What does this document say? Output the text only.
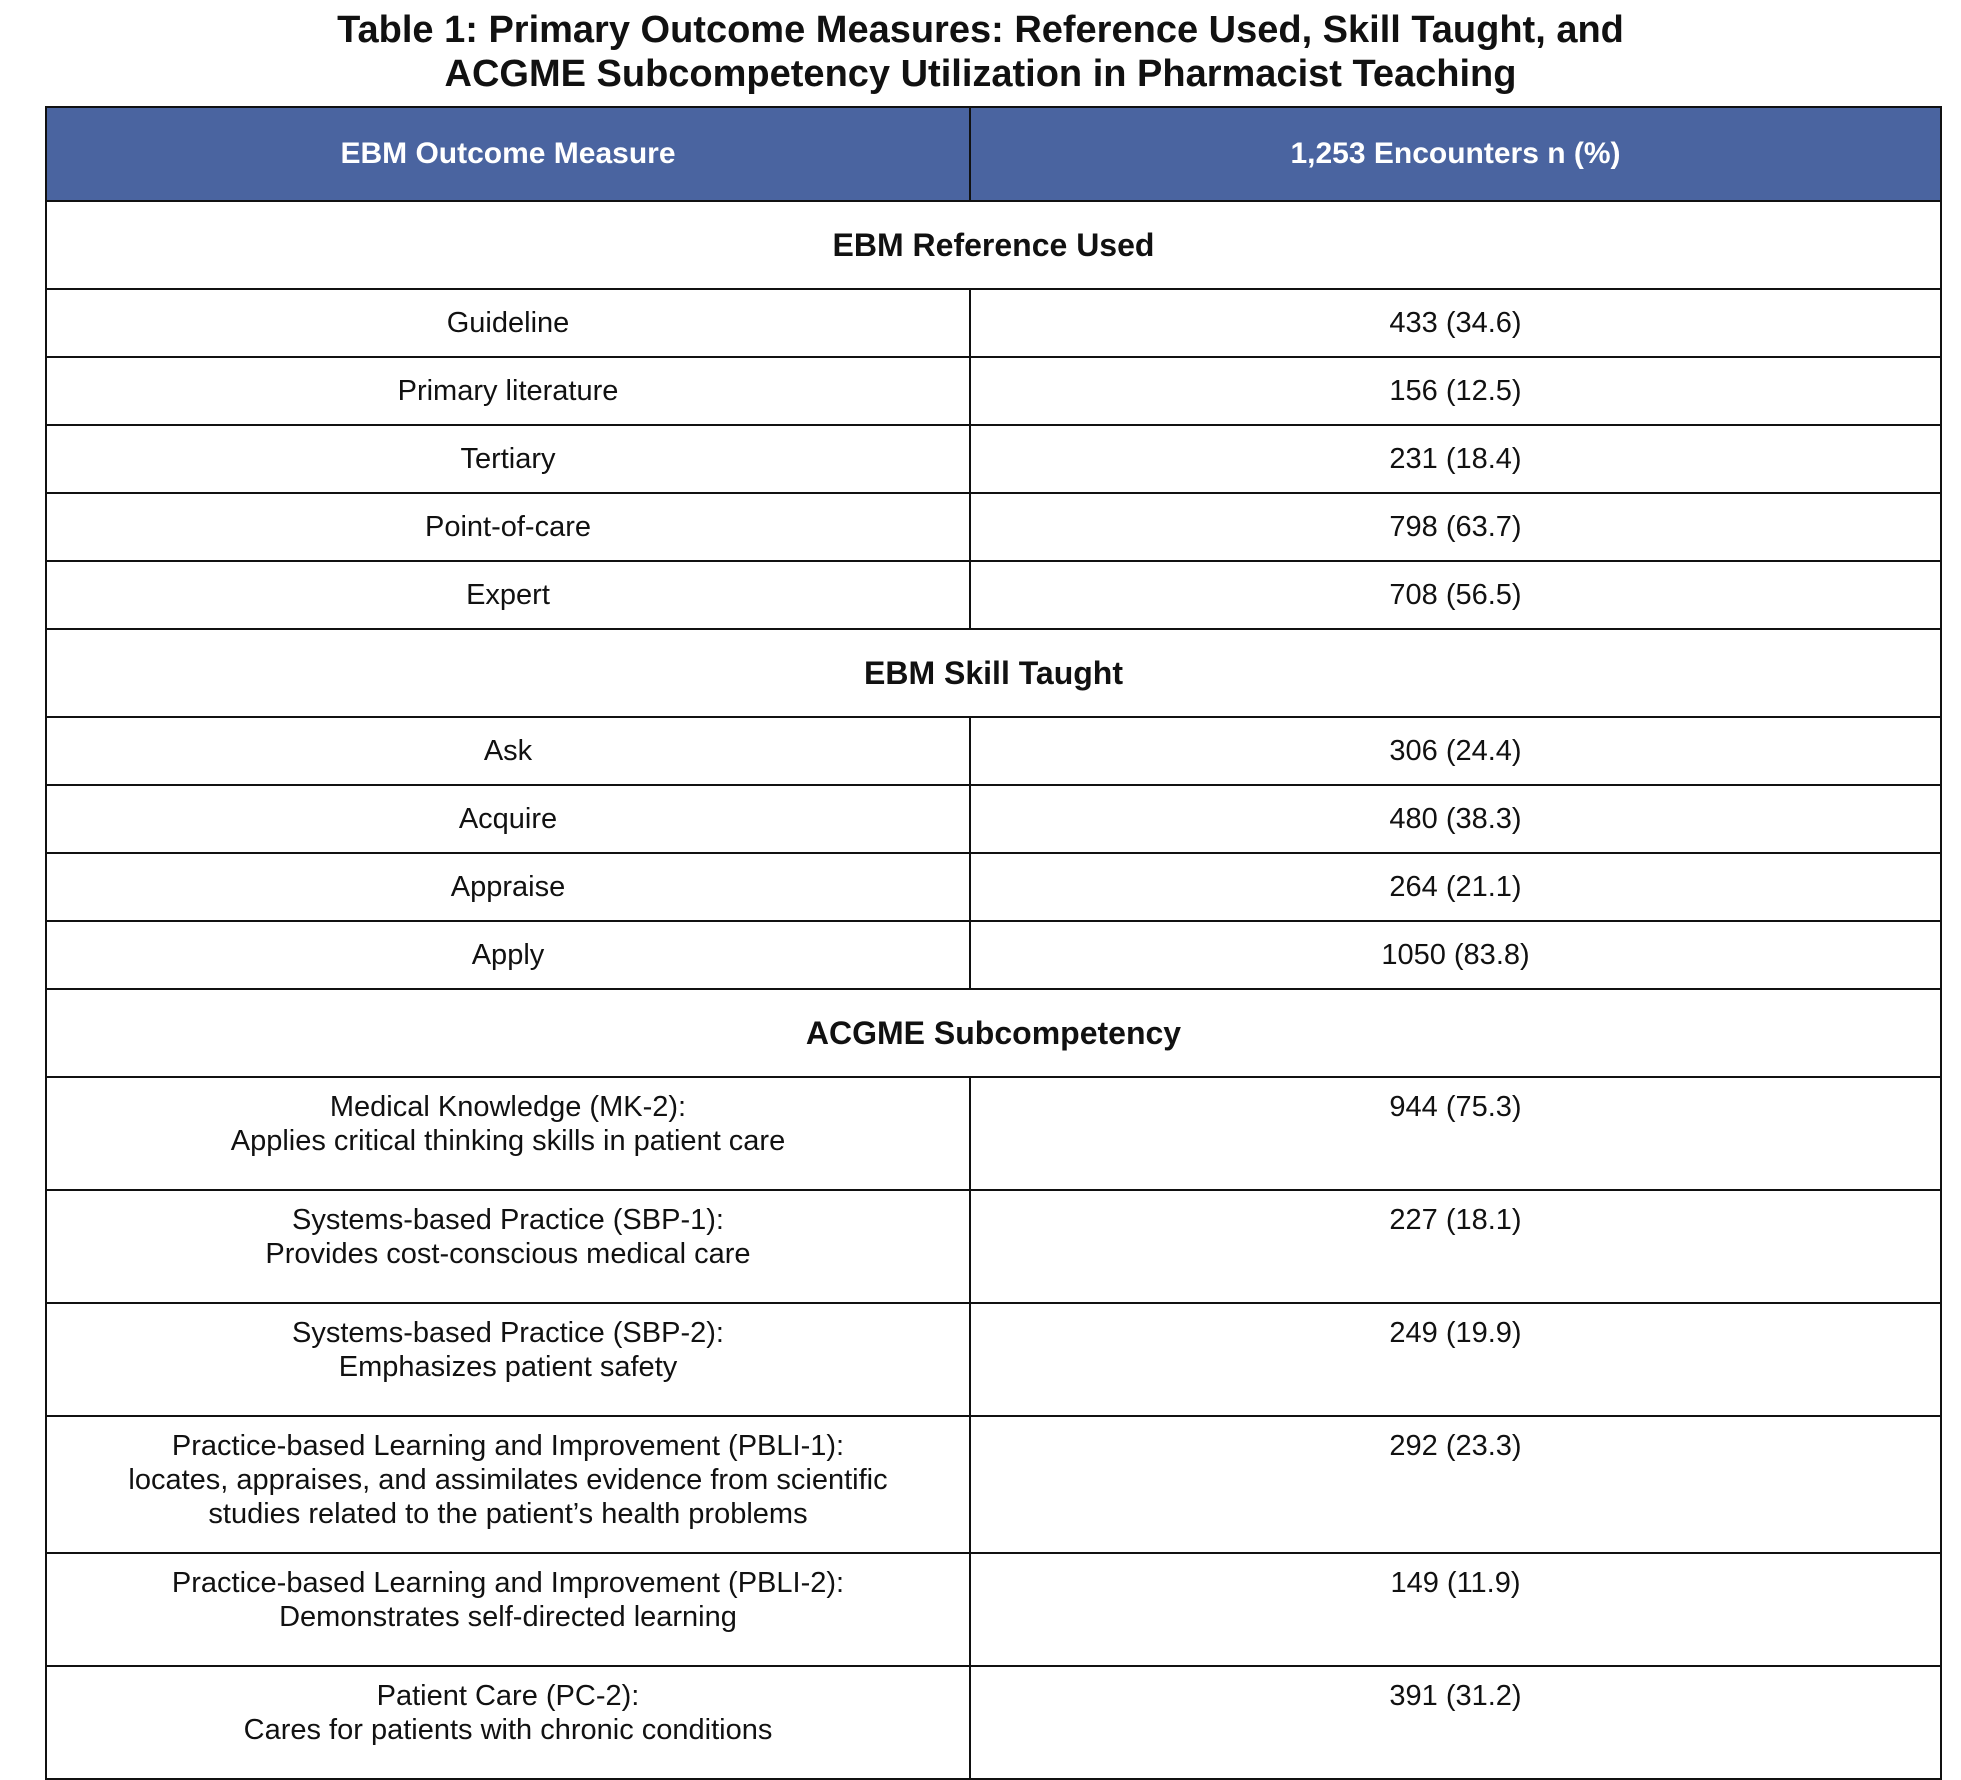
Table 1: Primary Outcome Measures: Reference Used, Skill Taught, and
ACGME Subcompetency Utilization in Pharmacist Teaching
EBM Outcome Measure	1,253 Encounters n (%)
EBM Reference Used	
Guideline	433 (34.6)
Primary literature	156 (12.5)
Tertiary	231 (18.4)
Point-of-care	798 (63.7)
Expert	708 (56.5)
EBM Skill Taught	
Ask	306 (24.4)
Acquire	480 (38.3)
Appraise	264 (21.1)
Apply	1050 (83.8)
ACGME Subcompetency	

Medical Knowledge (MK-2):
Applies critical thinking skills in patient care	944 (75.3)

Systems-based Practice (SBP-1):
Provides cost-conscious medical care	227 (18.1)

Systems-based Practice (SBP-2):
Emphasizes patient safety	249 (19.9)

Practice-based Learning and Improvement (PBLI-1):
locates, appraises, and assimilates evidence from scientific
studies related to the patient’s health problems	292 (23.3)

Practice-based Learning and Improvement (PBLI-2):
Demonstrates self-directed learning	149 (11.9)

Patient Care (PC-2):
Cares for patients with chronic conditions	391 (31.2)
